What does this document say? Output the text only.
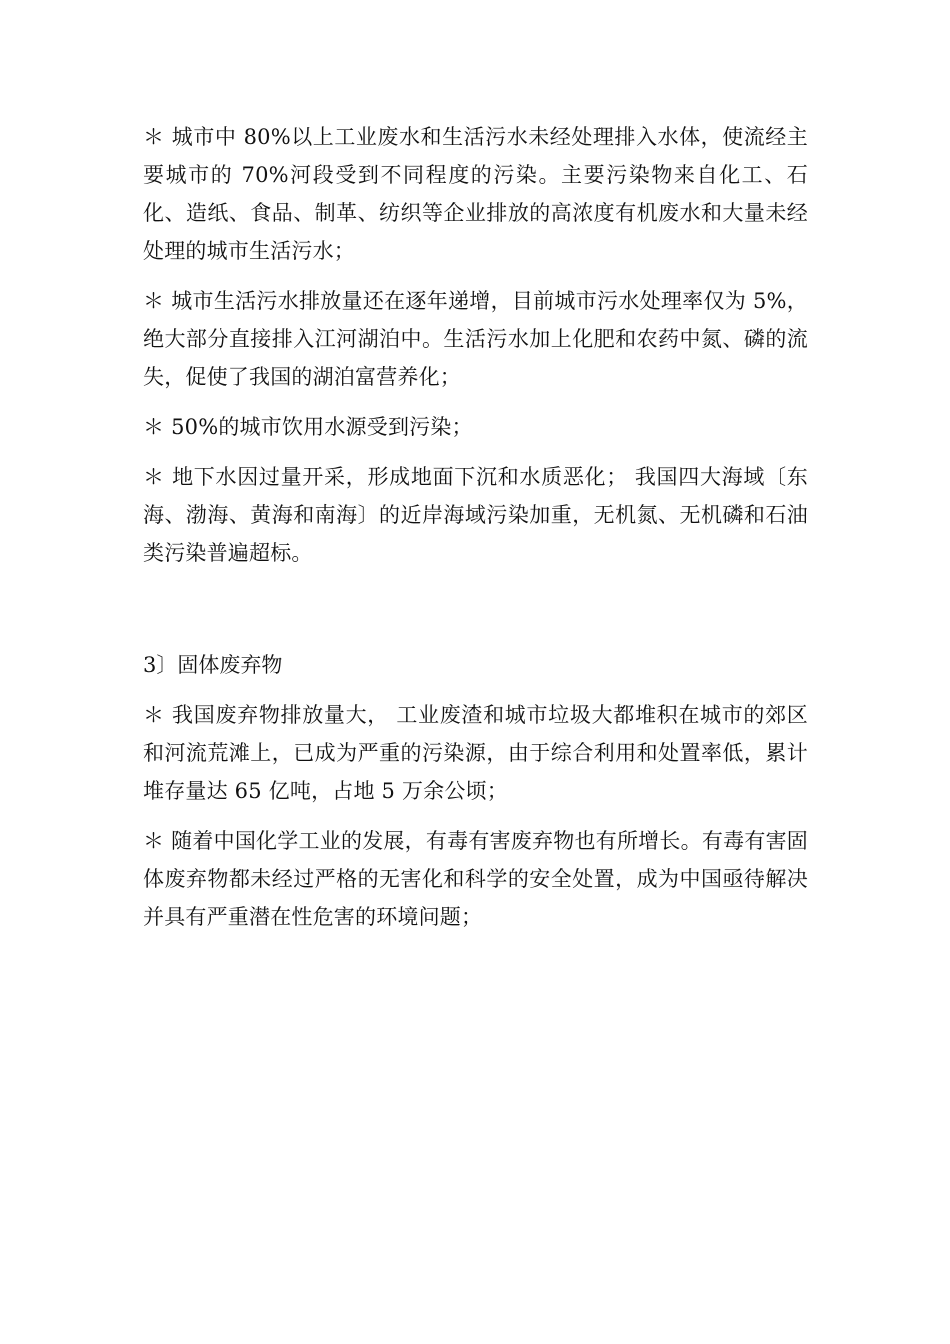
＊ 城市中 80%以上工业废水和生活污水未经处理排入水体，使流经主要城市的 70%河段受到不同程度的污染。主要污染物来自化工、石化、造纸、食品、制革、纺织等企业排放的高浓度有机废水和大量未经处理的城市生活污水；

＊ 城市生活污水排放量还在逐年递增，目前城市污水处理率仅为 5%，绝大部分直接排入江河湖泊中。生活污水加上化肥和农药中氮、磷的流失，促使了我国的湖泊富营养化；

＊ 50%的城市饮用水源受到污染；

＊ 地下水因过量开采，形成地面下沉和水质恶化； 我国四大海域〔东海、渤海、黄海和南海〕的近岸海域污染加重，无机氮、无机磷和石油类污染普遍超标。

3〕固体废弃物

＊ 我国废弃物排放量大， 工业废渣和城市垃圾大都堆积在城市的郊区和河流荒滩上，已成为严重的污染源，由于综合利用和处置率低，累计堆存量达 65 亿吨，占地 5 万余公顷；

＊ 随着中国化学工业的发展，有毒有害废弃物也有所增长。有毒有害固体废弃物都未经过严格的无害化和科学的安全处置，成为中国亟待解决并具有严重潜在性危害的环境问题；
